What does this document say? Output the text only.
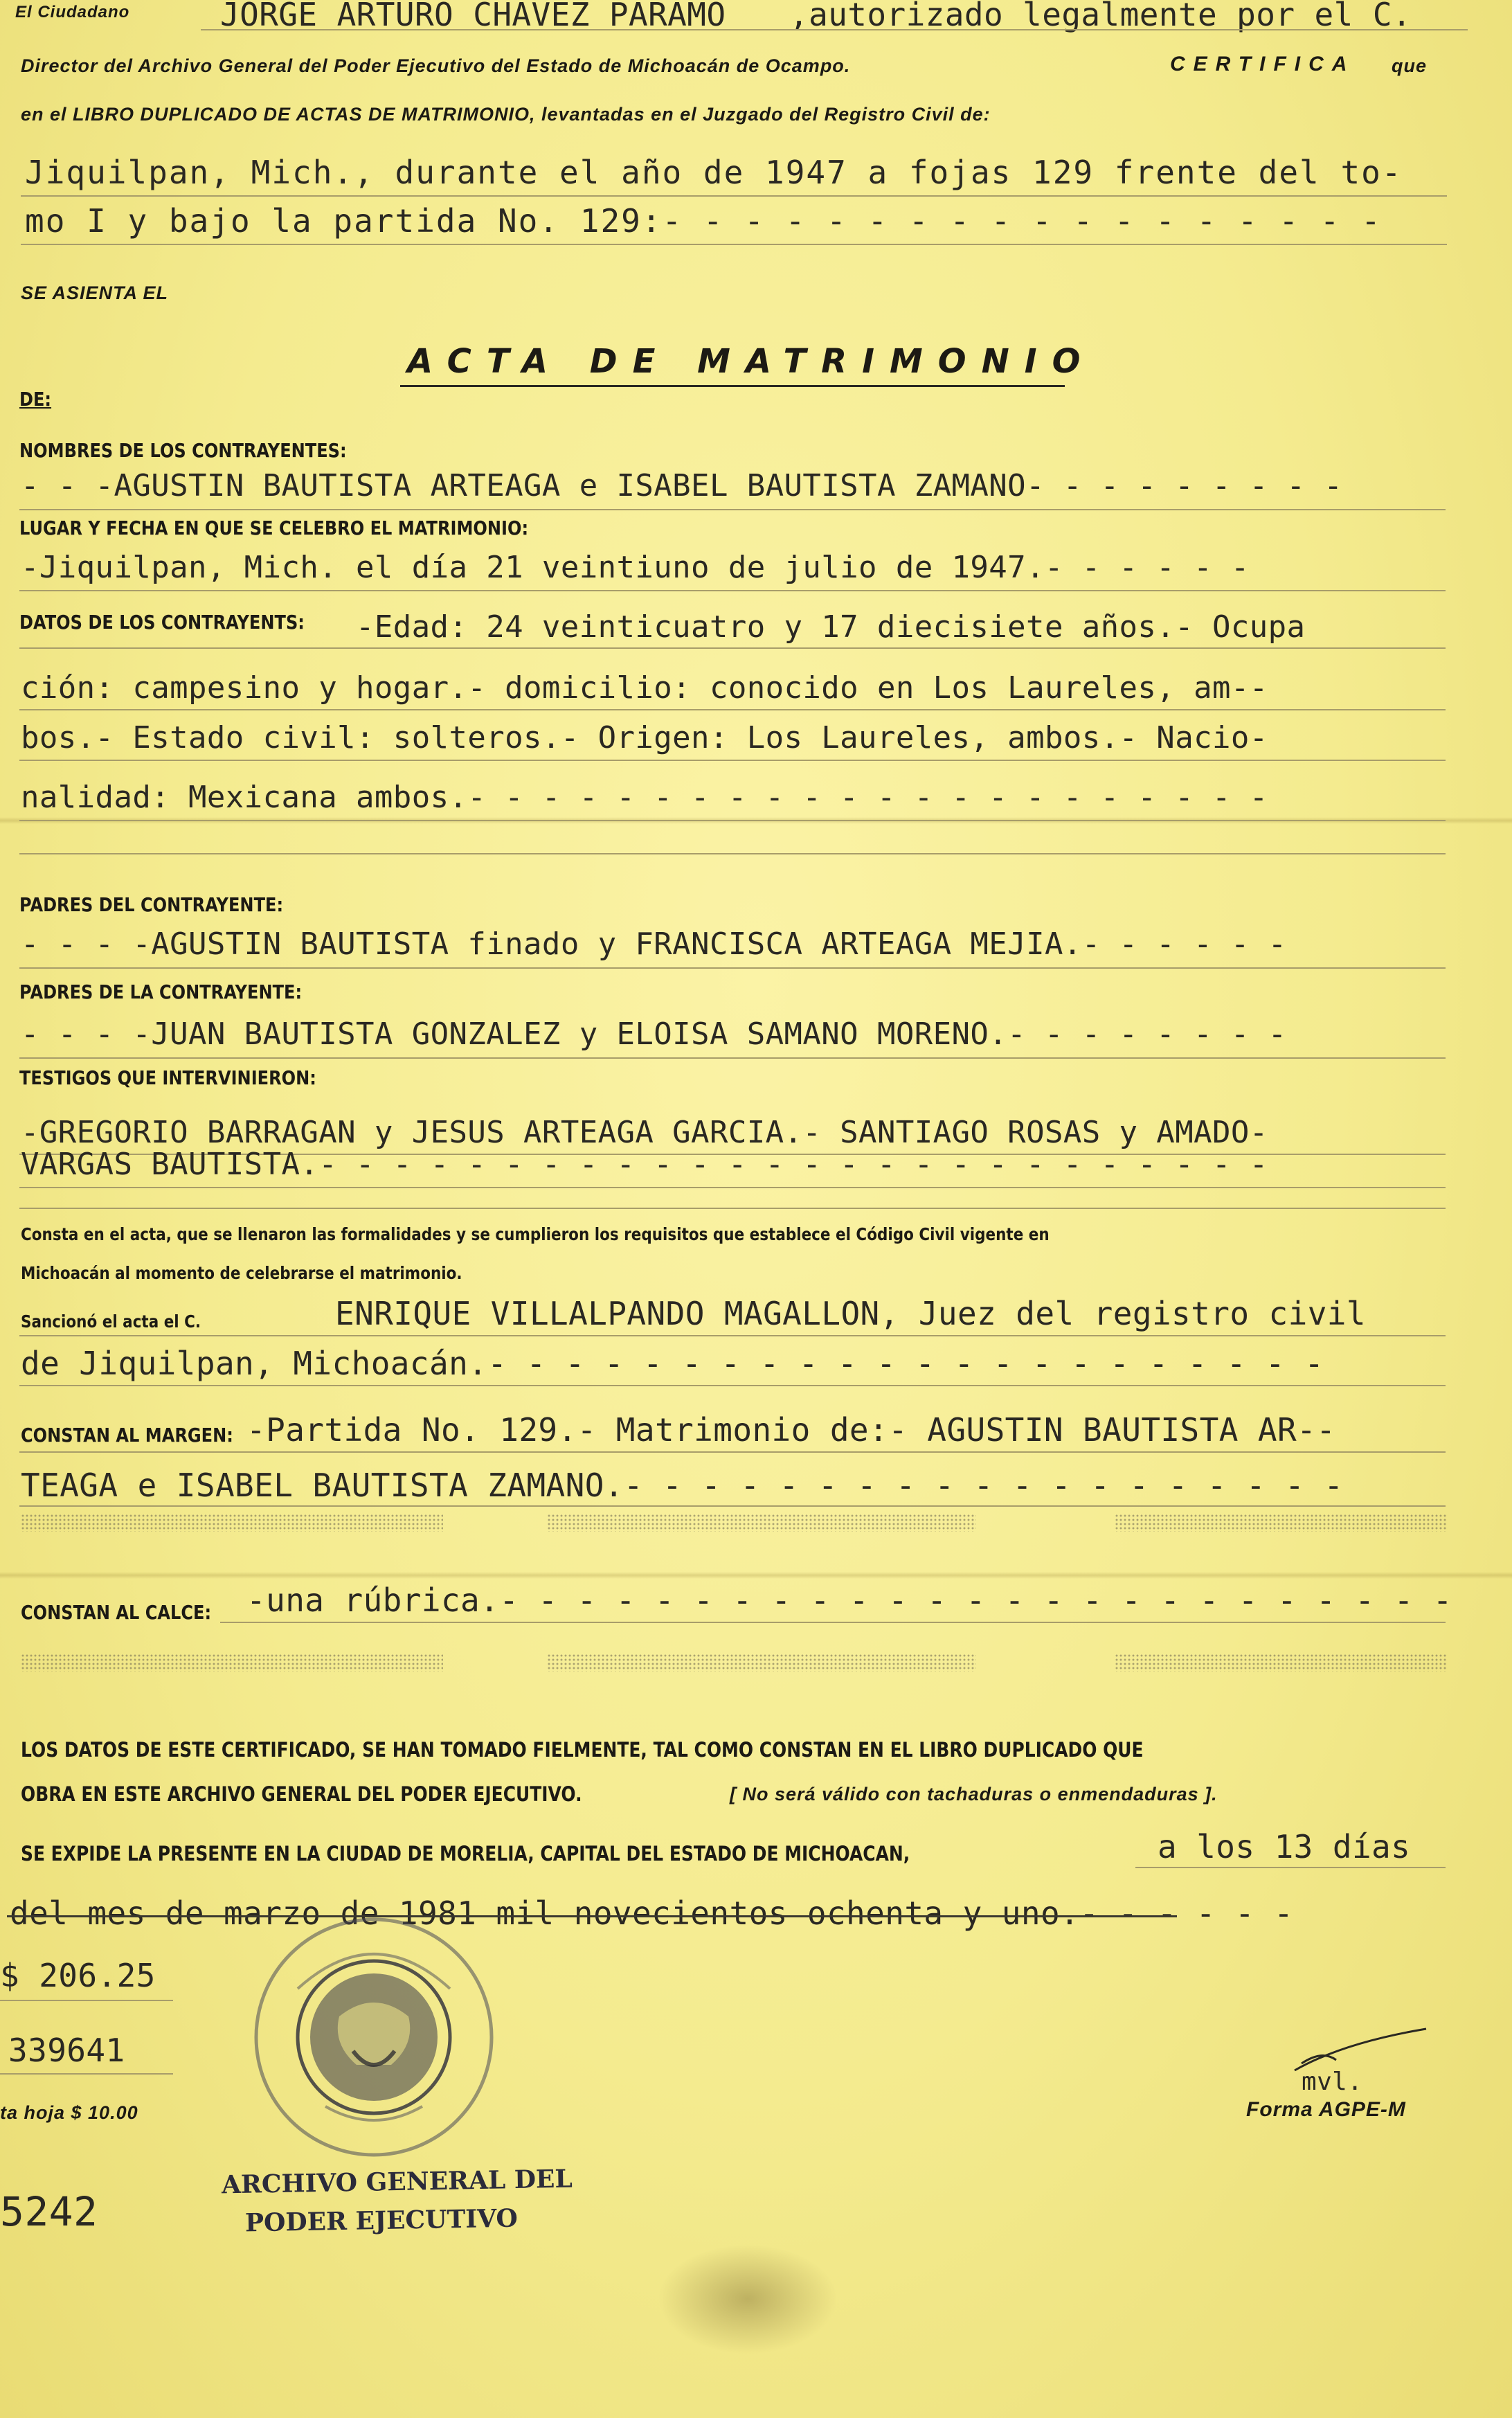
El Ciudadano	JORGE ARTURO CHAVEZ PARAMO ,autorizado legalmente por el C.
Director del Archivo General del Poder Ejecutivo del Estado de Michoacán de Ocampo.	CERTIFICA que
en el LIBRO DUPLICADO DE ACTAS DE MATRIMONIO, levantadas en el Juzgado del Registro Civil de:
Jiquilpan, Mich., durante el año de 1947 a fojas 129 frente del to-
mo I y bajo la partida No. 129:- - - - - - - - - - - - - - - - - -
SE ASIENTA EL
ACTA DE MATRIMONIO
DE:
NOMBRES DE LOS CONTRAYENTES:
- - -AGUSTIN BAUTISTA ARTEAGA e ISABEL BAUTISTA ZAMANO- - - - - - - - -
LUGAR Y FECHA EN QUE SE CELEBRO EL MATRIMONIO:
-Jiquilpan, Mich. el día 21 veintiuno de julio de 1947.- - - - - -
DATOS DE LOS CONTRAYENTS: -Edad: 24 veinticuatro y 17 diecisiete años.- Ocupa
ción: campesino y hogar.- domicilio: conocido en Los Laureles, am--
bos.- Estado civil: solteros.- Origen: Los Laureles, ambos.- Nacio-
nalidad: Mexicana ambos.- - - - - - - - - - - - - - - - - - - - - -
PADRES DEL CONTRAYENTE:
- - - -AGUSTIN BAUTISTA finado y FRANCISCA ARTEAGA MEJIA.- - - - - -
PADRES DE LA CONTRAYENTE:
- - - -JUAN BAUTISTA GONZALEZ y ELOISA SAMANO MORENO.- - - - - - - -
TESTIGOS QUE INTERVINIERON:
-GREGORIO BARRAGAN y JESUS ARTEAGA GARCIA.- SANTIAGO ROSAS y AMADO-
VARGAS BAUTISTA.- - - - - - - - - - - - - - - - - - - - - - - - - -
Consta en el acta, que se llenaron las formalidades y se cumplieron los requisitos que establece el Código Civil vigente en
Michoacán al momento de celebrarse el matrimonio.
Sancionó el acta el C.	ENRIQUE VILLALPANDO MAGALLON, Juez del registro civil
de Jiquilpan, Michoacán.- - - - - - - - - - - - - - - - - - - - - -
CONSTAN AL MARGEN: -Partida No. 129.- Matrimonio de:- AGUSTIN BAUTISTA AR--
TEAGA e ISABEL BAUTISTA ZAMANO.- - - - - - - - - - - - - - - - - - -
CONSTAN AL CALCE: -una rúbrica.- - - - - - - - - - - - - - - - - - - - - - - - -
LOS DATOS DE ESTE CERTIFICADO, SE HAN TOMADO FIELMENTE, TAL COMO CONSTAN EN EL LIBRO DUPLICADO QUE
OBRA EN ESTE ARCHIVO GENERAL DEL PODER EJECUTIVO.	[ No será válido con tachaduras o enmendaduras ].
SE EXPIDE LA PRESENTE EN LA CIUDAD DE MORELIA, CAPITAL DEL ESTADO DE MICHOACAN,	a los 13 días
del mes de marzo de 1981 mil novecientos ochenta y uno.- - - - - -
$ 206.25
339641
ta hoja $ 10.00
5242
ARCHIVO GENERAL DEL
PODER EJECUTIVO
mvl.
Forma AGPE-M
